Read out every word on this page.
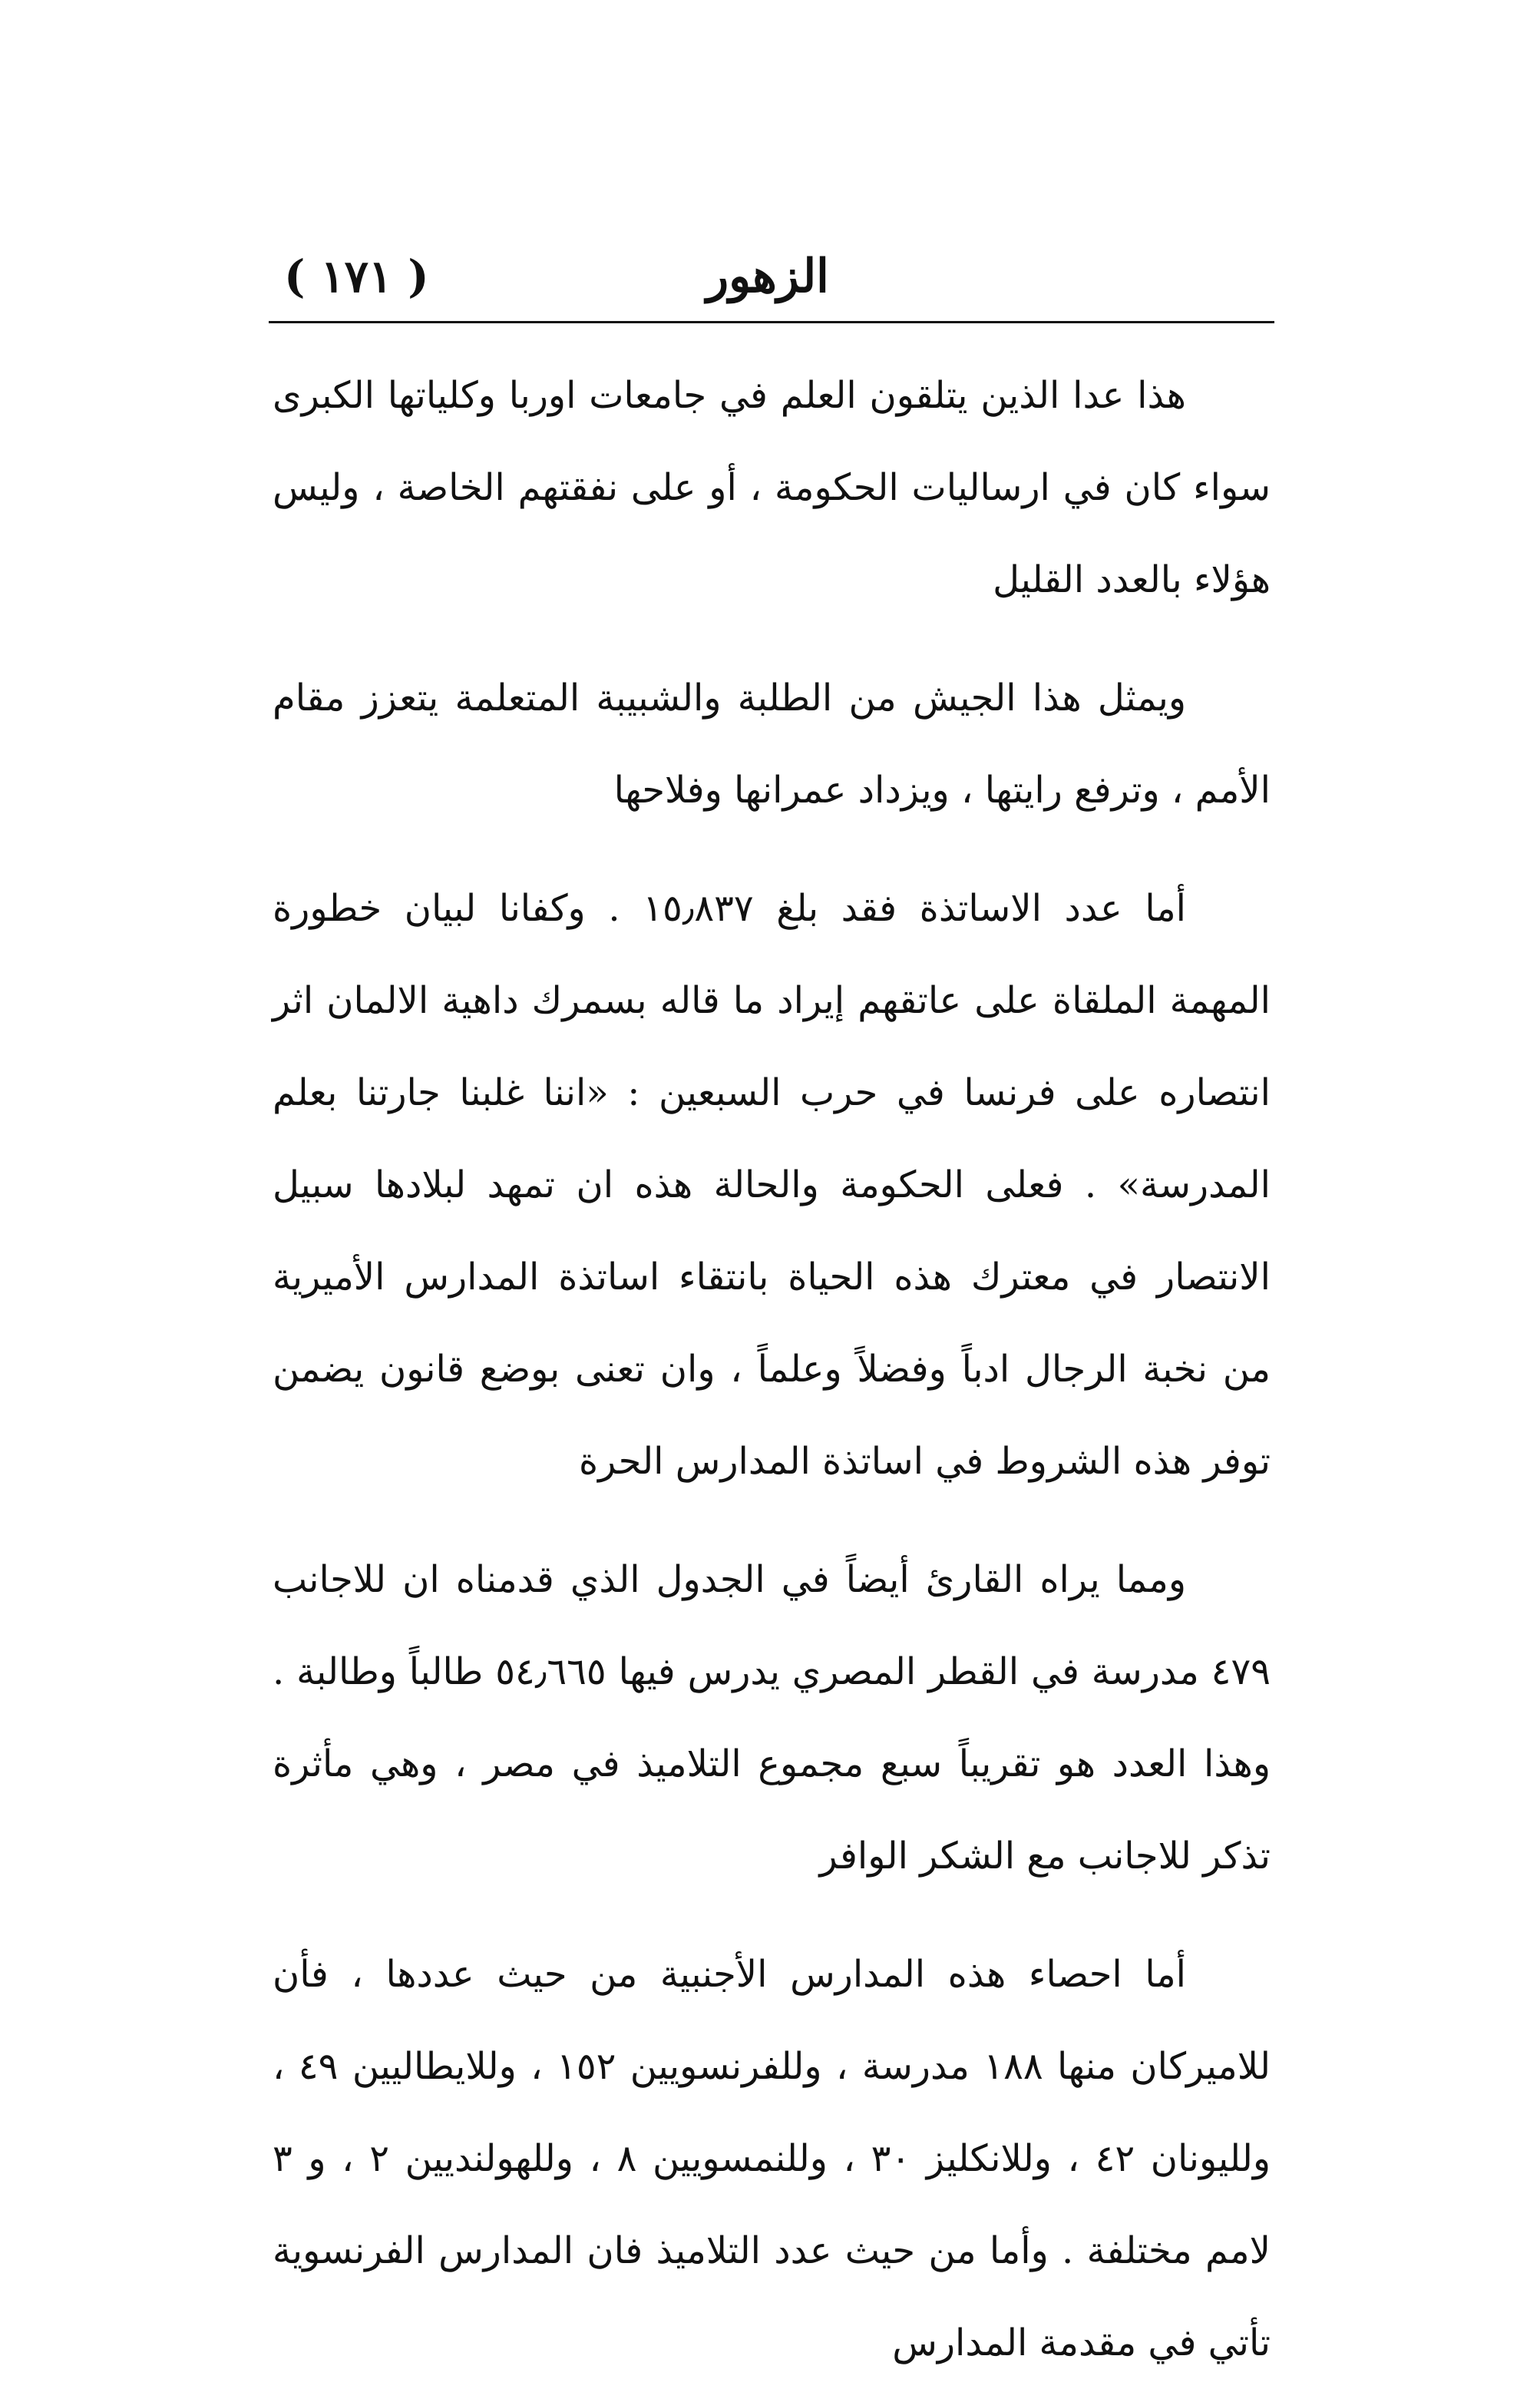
الزهور
( ١٧١ )

هذا عدا الذين يتلقون العلم في جامعات اوربا وكلياتها الكبرى سواء كان في ارساليات الحكومة ، أو على نفقتهم الخاصة ، وليس هؤلاء بالعدد القليل

ويمثل هذا الجيش من الطلبة والشبيبة المتعلمة يتعزز مقام الأمم ، وترفع رايتها ، ويزداد عمرانها وفلاحها

أما عدد الاساتذة فقد بلغ ١٥٫٨٣٧ . وكفانا لبيان خطورة المهمة الملقاة على عاتقهم إيراد ما قاله بسمرك داهية الالمان اثر انتصاره على فرنسا في حرب السبعين : «اننا غلبنا جارتنا بعلم المدرسة» . فعلى الحكومة والحالة هذه ان تمهد لبلادها سبيل الانتصار في معترك هذه الحياة بانتقاء اساتذة المدارس الأميرية من نخبة الرجال ادباً وفضلاً وعلماً ، وان تعنى بوضع قانون يضمن توفر هذه الشروط في اساتذة المدارس الحرة

ومما يراه القارئ أيضاً في الجدول الذي قدمناه ان للاجانب ٤٧٩ مدرسة في القطر المصري يدرس فيها ٥٤٫٦٦٥ طالباً وطالبة . وهذا العدد هو تقريباً سبع مجموع التلاميذ في مصر ، وهي مأثرة تذكر للاجانب مع الشكر الوافر

أما احصاء هذه المدارس الأجنبية من حيث عددها ، فأن للاميركان منها ١٨٨ مدرسة ، وللفرنسويين ١٥٢ ، وللايطاليين ٤٩ ، ولليونان ٤٢ ، وللانكليز ٣٠ ، وللنمسويين ٨ ، وللهولنديين ٢ ، و ٣ لامم مختلفة . وأما من حيث عدد التلاميذ فان المدارس الفرنسوية تأتي في مقدمة المدارس
